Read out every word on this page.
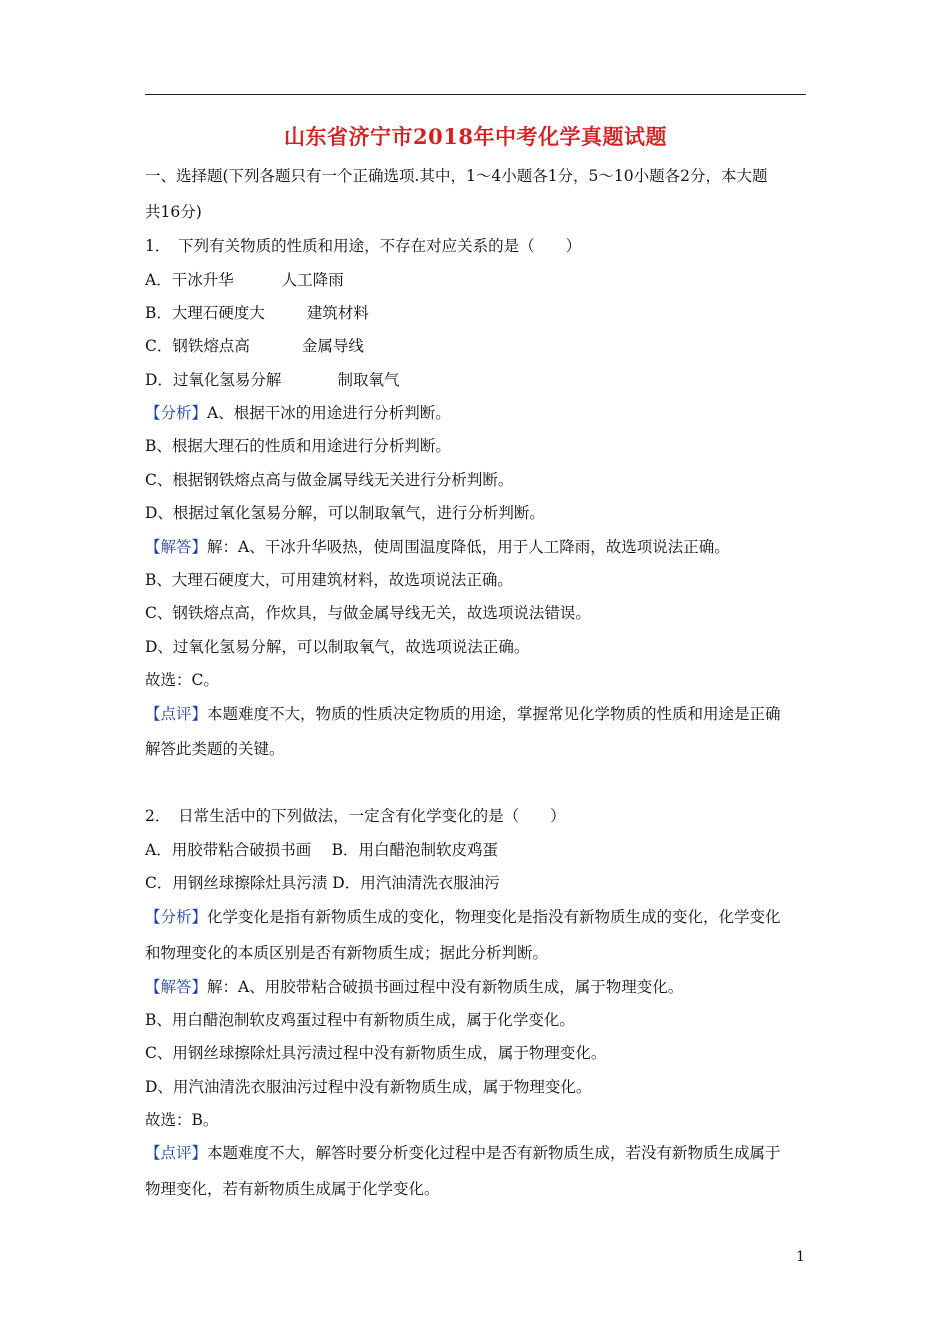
山东省济宁市2018年中考化学真题试题
一、选择题(下列各题只有一个正确选项.其中，1～4小题各1分，5～10小题各2分，本大题
共16分)
1．　下列有关物质的性质和用途，不存在对应关系的是（　　）
A．干冰升华	人工降雨
B．大理石硬度大	建筑材料
C．钢铁熔点高	金属导线
D．过氧化氢易分解	制取氧气
【分析】A、根据干冰的用途进行分析判断。
B、根据大理石的性质和用途进行分析判断。
C、根据钢铁熔点高与做金属导线无关进行分析判断。
D、根据过氧化氢易分解，可以制取氧气，进行分析判断。
【解答】解：A、干冰升华吸热，使周围温度降低，用于人工降雨，故选项说法正确。
B、大理石硬度大，可用建筑材料，故选项说法正确。
C、钢铁熔点高，作炊具，与做金属导线无关，故选项说法错误。
D、过氧化氢易分解，可以制取氧气，故选项说法正确。
故选：C。
【点评】本题难度不大，物质的性质决定物质的用途，掌握常见化学物质的性质和用途是正确
解答此类题的关键。
2．　日常生活中的下列做法，一定含有化学变化的是（　　）
A．用胶带粘合破损书画　 B．用白醋泡制软皮鸡蛋
C．用钢丝球擦除灶具污渍 D．用汽油清洗衣服油污
【分析】化学变化是指有新物质生成的变化，物理变化是指没有新物质生成的变化，化学变化
和物理变化的本质区别是否有新物质生成；据此分析判断。
【解答】解：A、用胶带粘合破损书画过程中没有新物质生成，属于物理变化。
B、用白醋泡制软皮鸡蛋过程中有新物质生成，属于化学变化。
C、用钢丝球擦除灶具污渍过程中没有新物质生成，属于物理变化。
D、用汽油清洗衣服油污过程中没有新物质生成，属于物理变化。
故选：B。
【点评】本题难度不大，解答时要分析变化过程中是否有新物质生成，若没有新物质生成属于
物理变化，若有新物质生成属于化学变化。
1
